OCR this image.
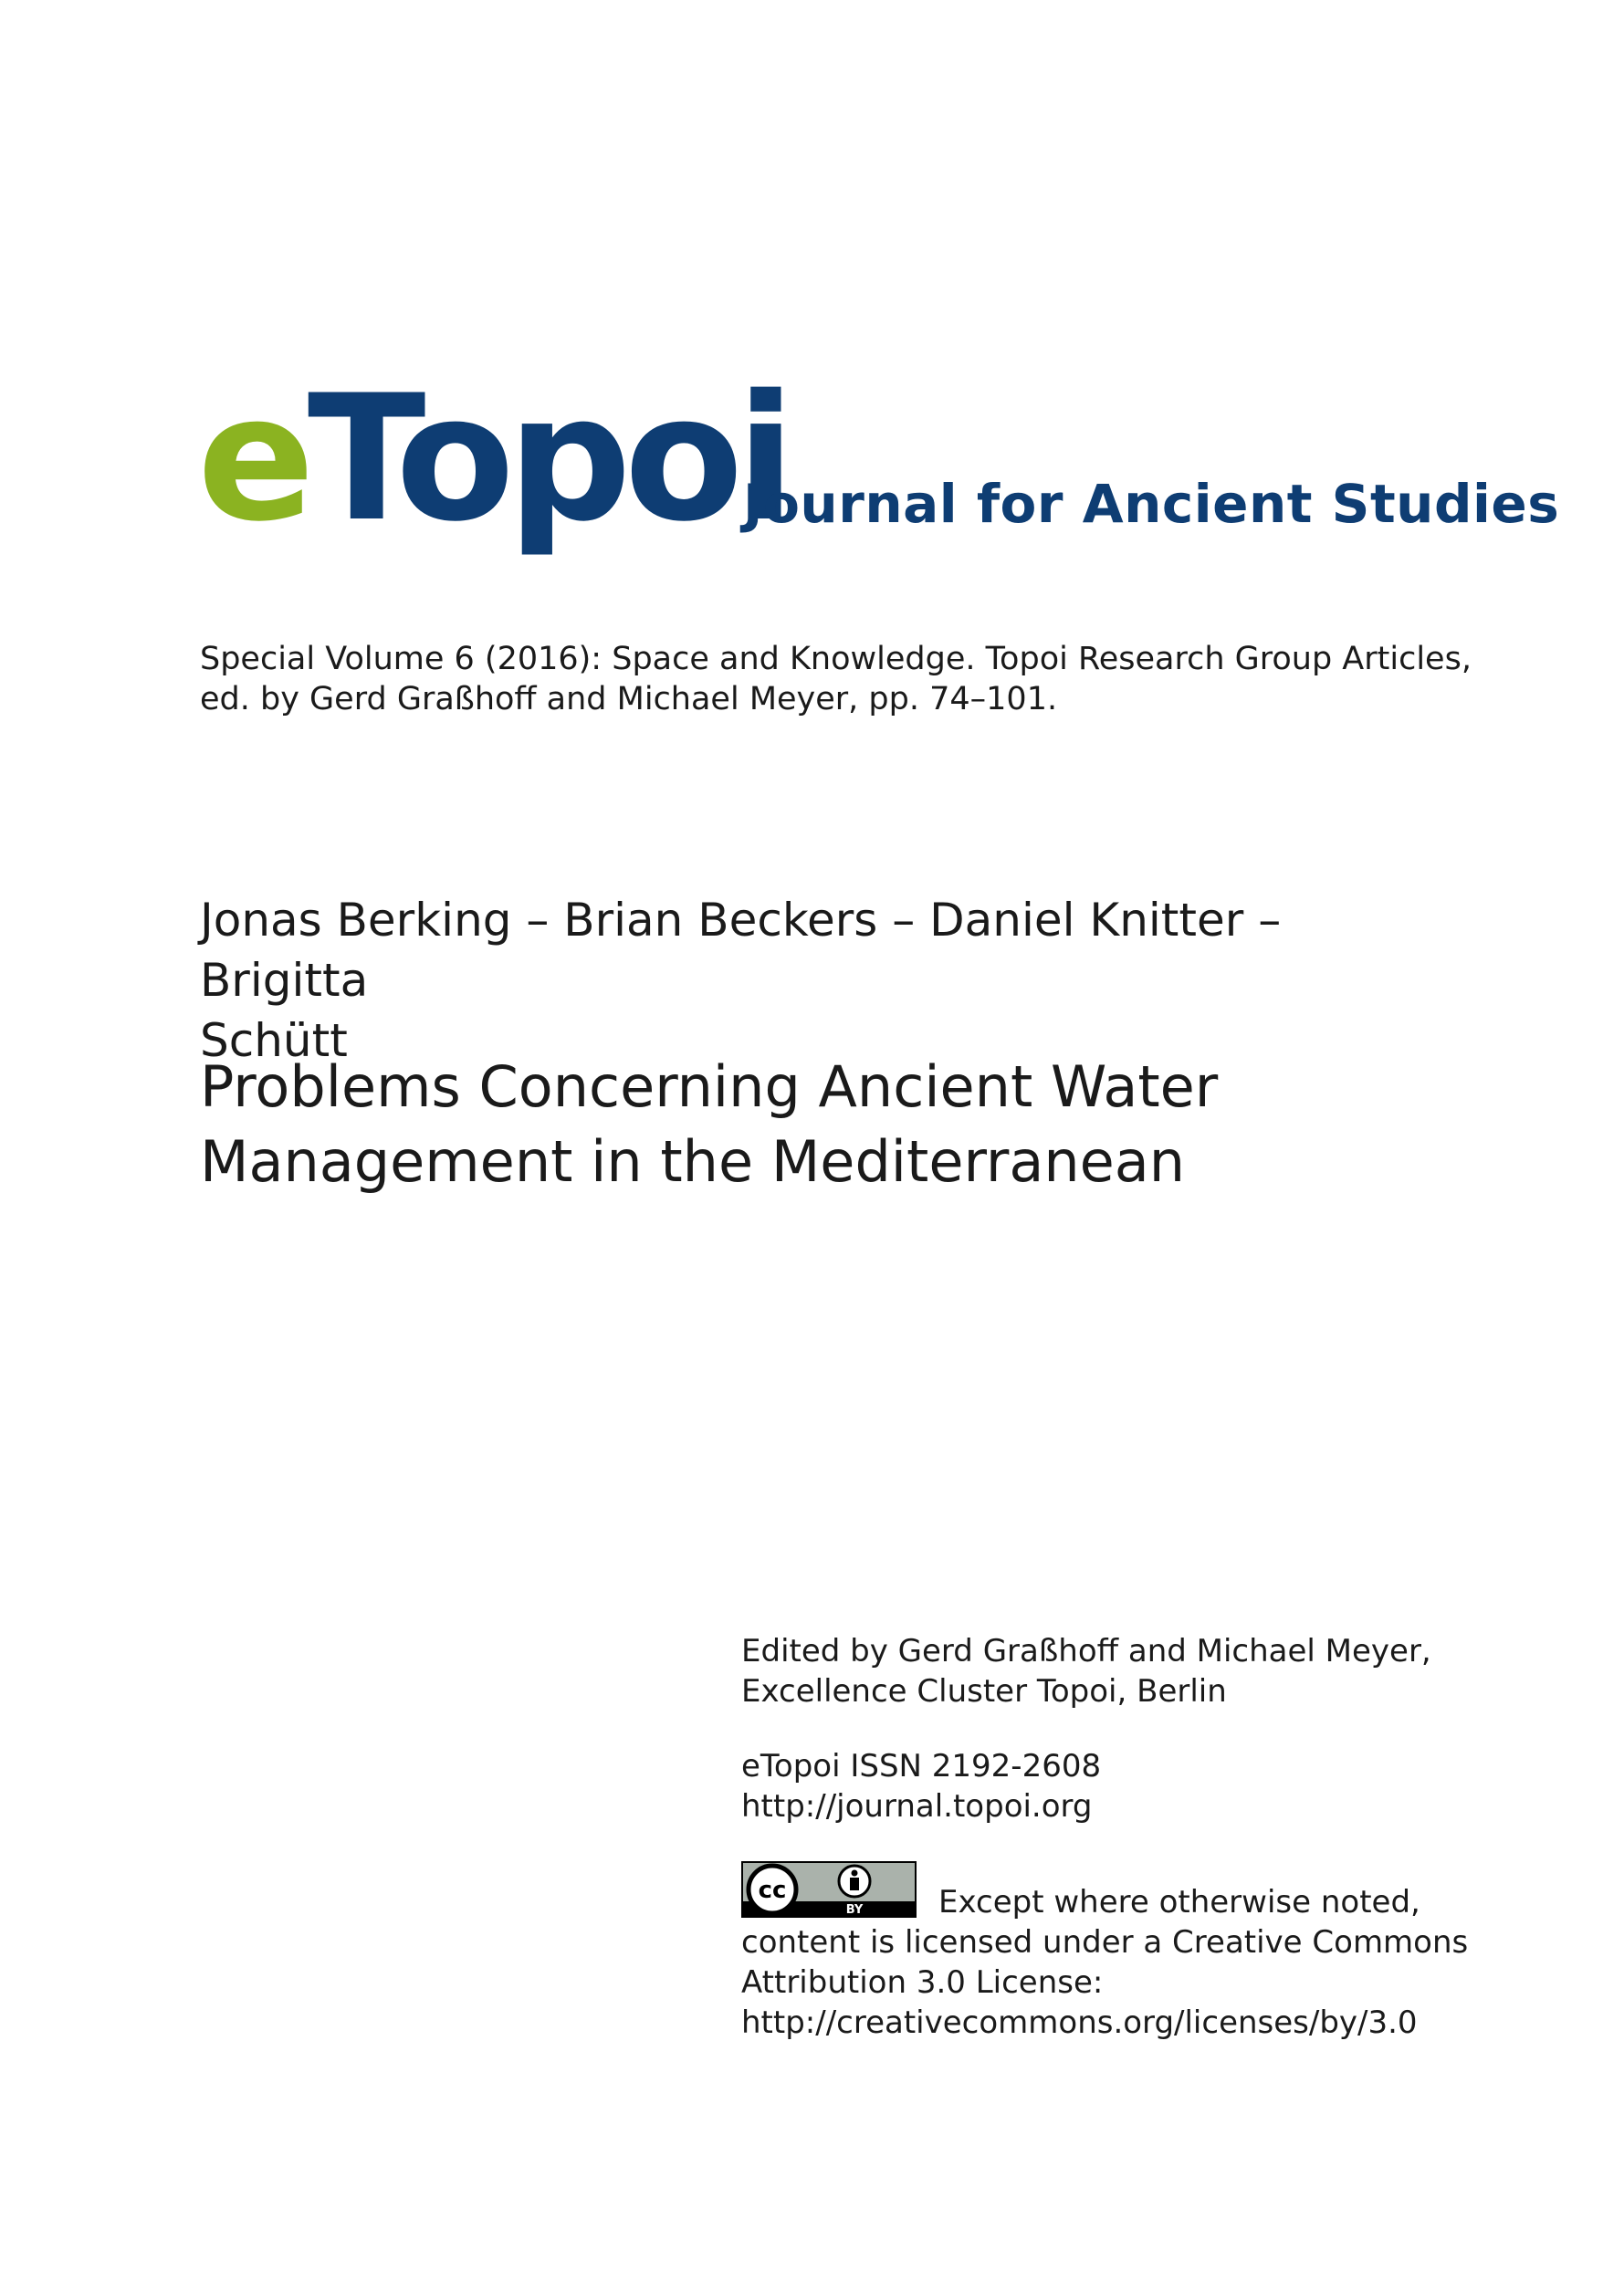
eTopoi
Journal for Ancient Studies
Special Volume 6 (2016): Space and Knowledge. Topoi Research Group Articles,
ed. by Gerd Graßhoff and Michael Meyer, pp. 74–101.
Jonas Berking – Brian Beckers – Daniel Knitter – Brigitta
Schütt
Problems Concerning Ancient Water
Management in the Mediterranean
Edited by Gerd Graßhoff and Michael Meyer,
Excellence Cluster Topoi, Berlin
eTopoi ISSN 2192-2608
http://journal.topoi.org
cc
BY Except where otherwise noted,
content is licensed under a Creative Commons
Attribution 3.0 License:
http://creativecommons.org/licenses/by/3.0
